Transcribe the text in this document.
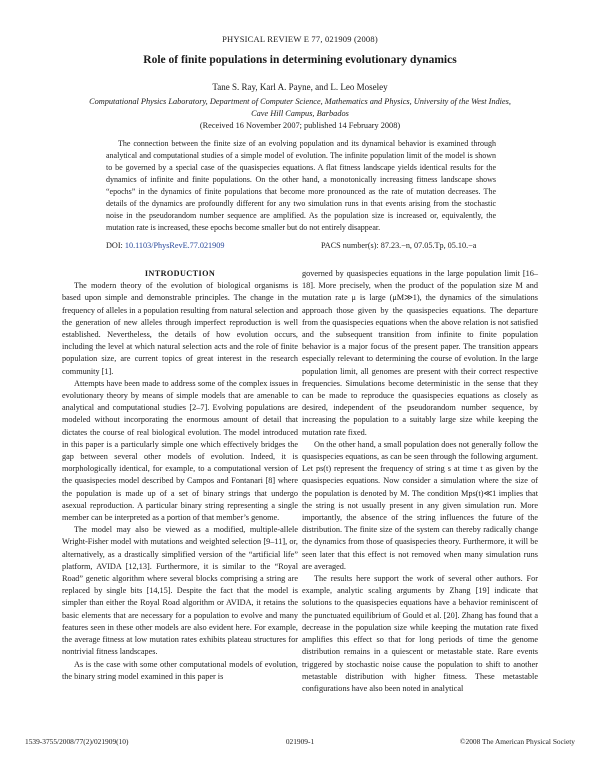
PHYSICAL REVIEW E 77, 021909 (2008)
Role of finite populations in determining evolutionary dynamics
Tane S. Ray, Karl A. Payne, and L. Leo Moseley
Computational Physics Laboratory, Department of Computer Science, Mathematics and Physics, University of the West Indies,
Cave Hill Campus, Barbados
(Received 16 November 2007; published 14 February 2008)
The connection between the finite size of an evolving population and its dynamical behavior is examined through analytical and computational studies of a simple model of evolution. The infinite population limit of the model is shown to be governed by a special case of the quasispecies equations. A flat fitness landscape yields identical results for the dynamics of infinite and finite populations. On the other hand, a monotonically increasing fitness landscape shows “epochs” in the dynamics of finite populations that become more pronounced as the rate of mutation decreases. The details of the dynamics are profoundly different for any two simulation runs in that events arising from the stochastic noise in the pseudorandom number sequence are amplified. As the population size is increased or, equivalently, the mutation rate is increased, these epochs become smaller but do not entirely disappear.
DOI: 10.1103/PhysRevE.77.021909	PACS number(s): 87.23.−n, 07.05.Tp, 05.10.−a

INTRODUCTION

The modern theory of the evolution of biological organisms is based upon simple and demonstrable principles. The change in the frequency of alleles in a population resulting from natural selection and the generation of new alleles through imperfect reproduction is well established. Nevertheless, the details of how evolution occurs, including the level at which natural selection acts and the role of finite population size, are current topics of great interest in the research community [1].

Attempts have been made to address some of the complex issues in evolutionary theory by means of simple models that are amenable to analytical and computational studies [2–7]. Evolving populations are modeled without incorporating the enormous amount of detail that dictates the course of real biological evolution. The model introduced in this paper is a particularly simple one which effectively bridges the gap between several other models of evolution. Indeed, it is morphologically identical, for example, to a computational version of the quasispecies model described by Campos and Fontanari [8] where the population is made up of a set of binary strings that undergo asexual reproduction. A particular binary string representing a single member can be interpreted as a portion of that member’s genome.

The model may also be viewed as a modified, multiple-allele Wright-Fisher model with mutations and weighted selection [9–11], or, alternatively, as a drastically simplified version of the “artificial life” platform, AVIDA [12,13]. Furthermore, it is similar to the “Royal Road” genetic algorithm where several blocks comprising a string are replaced by single bits [14,15]. Despite the fact that the model is simpler than either the Royal Road algorithm or AVIDA, it retains the basic elements that are necessary for a population to evolve and many features seen in these other models are also evident here. For example, the average fitness at low mutation rates exhibits plateau structures for nontrivial fitness landscapes.

As is the case with some other computational models of evolution, the binary string model examined in this paper is

governed by quasispecies equations in the large population limit [16–18]. More precisely, when the product of the population size M and mutation rate μ is large (μM≫1), the dynamics of the simulations approach those given by the quasispecies equations. The departure from the quasispecies equations when the above relation is not satisfied and the subsequent transition from infinite to finite population behavior is a major focus of the present paper. The transition appears especially relevant to determining the course of evolution. In the large population limit, all genomes are present with their correct respective frequencies. Simulations become deterministic in the sense that they can be made to reproduce the quasispecies equations as closely as desired, independent of the pseudorandom number sequence, by increasing the population to a suitably large size while keeping the mutation rate fixed.

On the other hand, a small population does not generally follow the quasispecies equations, as can be seen through the following argument. Let ps(t) represent the frequency of string s at time t as given by the quasispecies equations. Now consider a simulation where the size of the population is denoted by M. The condition Mps(t)≪1 implies that the string is not usually present in any given simulation run. More importantly, the absence of the string influences the future of the distribution. The finite size of the system can thereby radically change the dynamics from those of quasispecies theory. Furthermore, it will be seen later that this effect is not removed when many simulation runs are averaged.

The results here support the work of several other authors. For example, analytic scaling arguments by Zhang [19] indicate that solutions to the quasispecies equations have a behavior reminiscent of the punctuated equilibrium of Gould et al. [20]. Zhang has found that a decrease in the population size while keeping the mutation rate fixed amplifies this effect so that for long periods of time the genome distribution remains in a quiescent or metastable state. Rare events triggered by stochastic noise cause the population to shift to another metastable distribution with higher fitness. These metastable configurations have also been noted in analytical

1539-3755/2008/77(2)/021909(10)	021909-1	©2008 The American Physical Society
